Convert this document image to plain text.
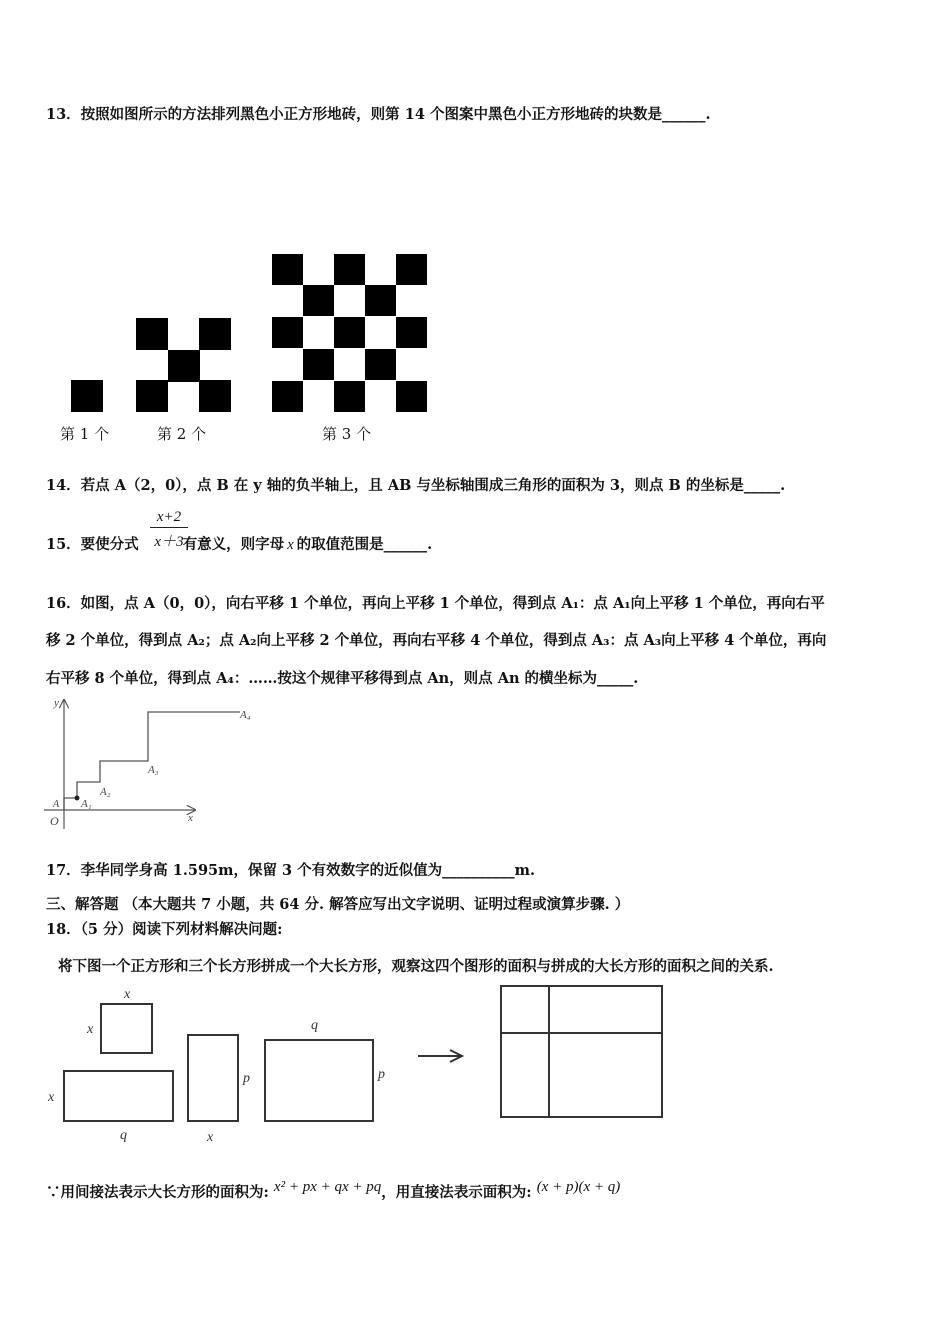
13．按照如图所示的方法排列黑色小正方形地砖，则第 14 个图案中黑色小正方形地砖的块数是______.
第 1 个	第 2 个	第 3 个
14．若点 A（2，0），点 B 在 y 轴的负半轴上，且 AB 与坐标轴围成三角形的面积为 3，则点 B 的坐标是_____.
15．要使分式	有意义，则字母 x 的取值范围是______.
$\frac{x+2}{x+3}$
16．如图，点 A（0，0），向右平移 1 个单位，再向上平移 1 个单位，得到点 A₁：点 A₁向上平移 1 个单位，再向右平
移 2 个单位，得到点 A₂；点 A₂向上平移 2 个单位，再向右平移 4 个单位，得到点 A₃：点 A₃向上平移 4 个单位，再向
右平移 8 个单位，得到点 A₄：……按这个规律平移得到点 An，则点 An 的横坐标为_____.
y
x
O
A A₁
A₂
A₃
A₄
17．李华同学身高 1.595m，保留 3 个有效数字的近似值为__________m.
三、解答题 （本大题共 7 小题，共 64 分. 解答应写出文字说明、证明过程或演算步骤. ）
18．（5 分）阅读下列材料解决问题:
将下图一个正方形和三个长方形拼成一个大长方形，观察这四个图形的面积与拼成的大长方形的面积之间的关系.
x
x
x
q
p
x
q
p
∵用间接法表示大长方形的面积为: x² + px + qx + pq，用直接法表示面积为: (x + p)(x + q)
